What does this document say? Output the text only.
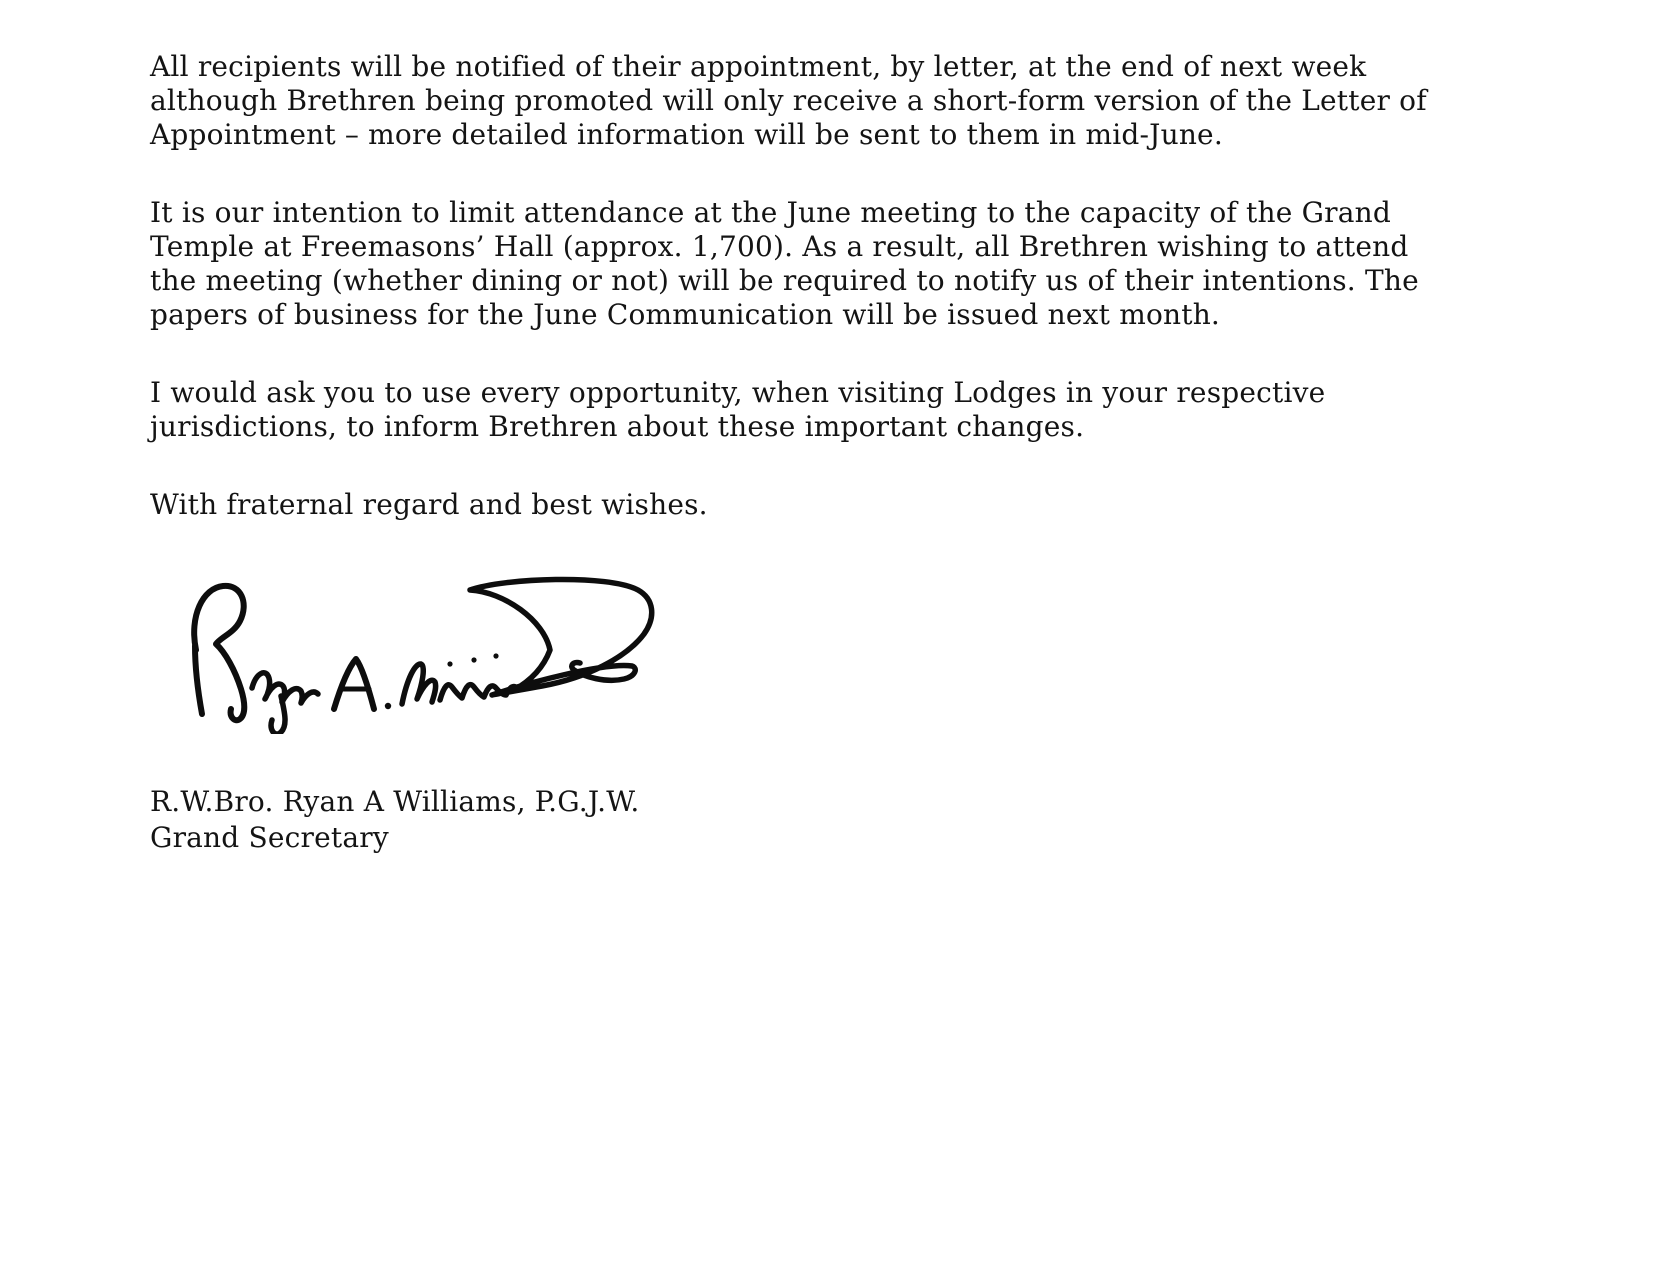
All recipients will be notified of their appointment, by letter, at the end of next week
although Brethren being promoted will only receive a short-form version of the Letter of
Appointment – more detailed information will be sent to them in mid-June.
It is our intention to limit attendance at the June meeting to the capacity of the Grand
Temple at Freemasons’ Hall (approx. 1,700). As a result, all Brethren wishing to attend
the meeting (whether dining or not) will be required to notify us of their intentions. The
papers of business for the June Communication will be issued next month.
I would ask you to use every opportunity, when visiting Lodges in your respective
jurisdictions, to inform Brethren about these important changes.
With fraternal regard and best wishes.
R.W.Bro. Ryan A Williams, P.G.J.W.
Grand Secretary
